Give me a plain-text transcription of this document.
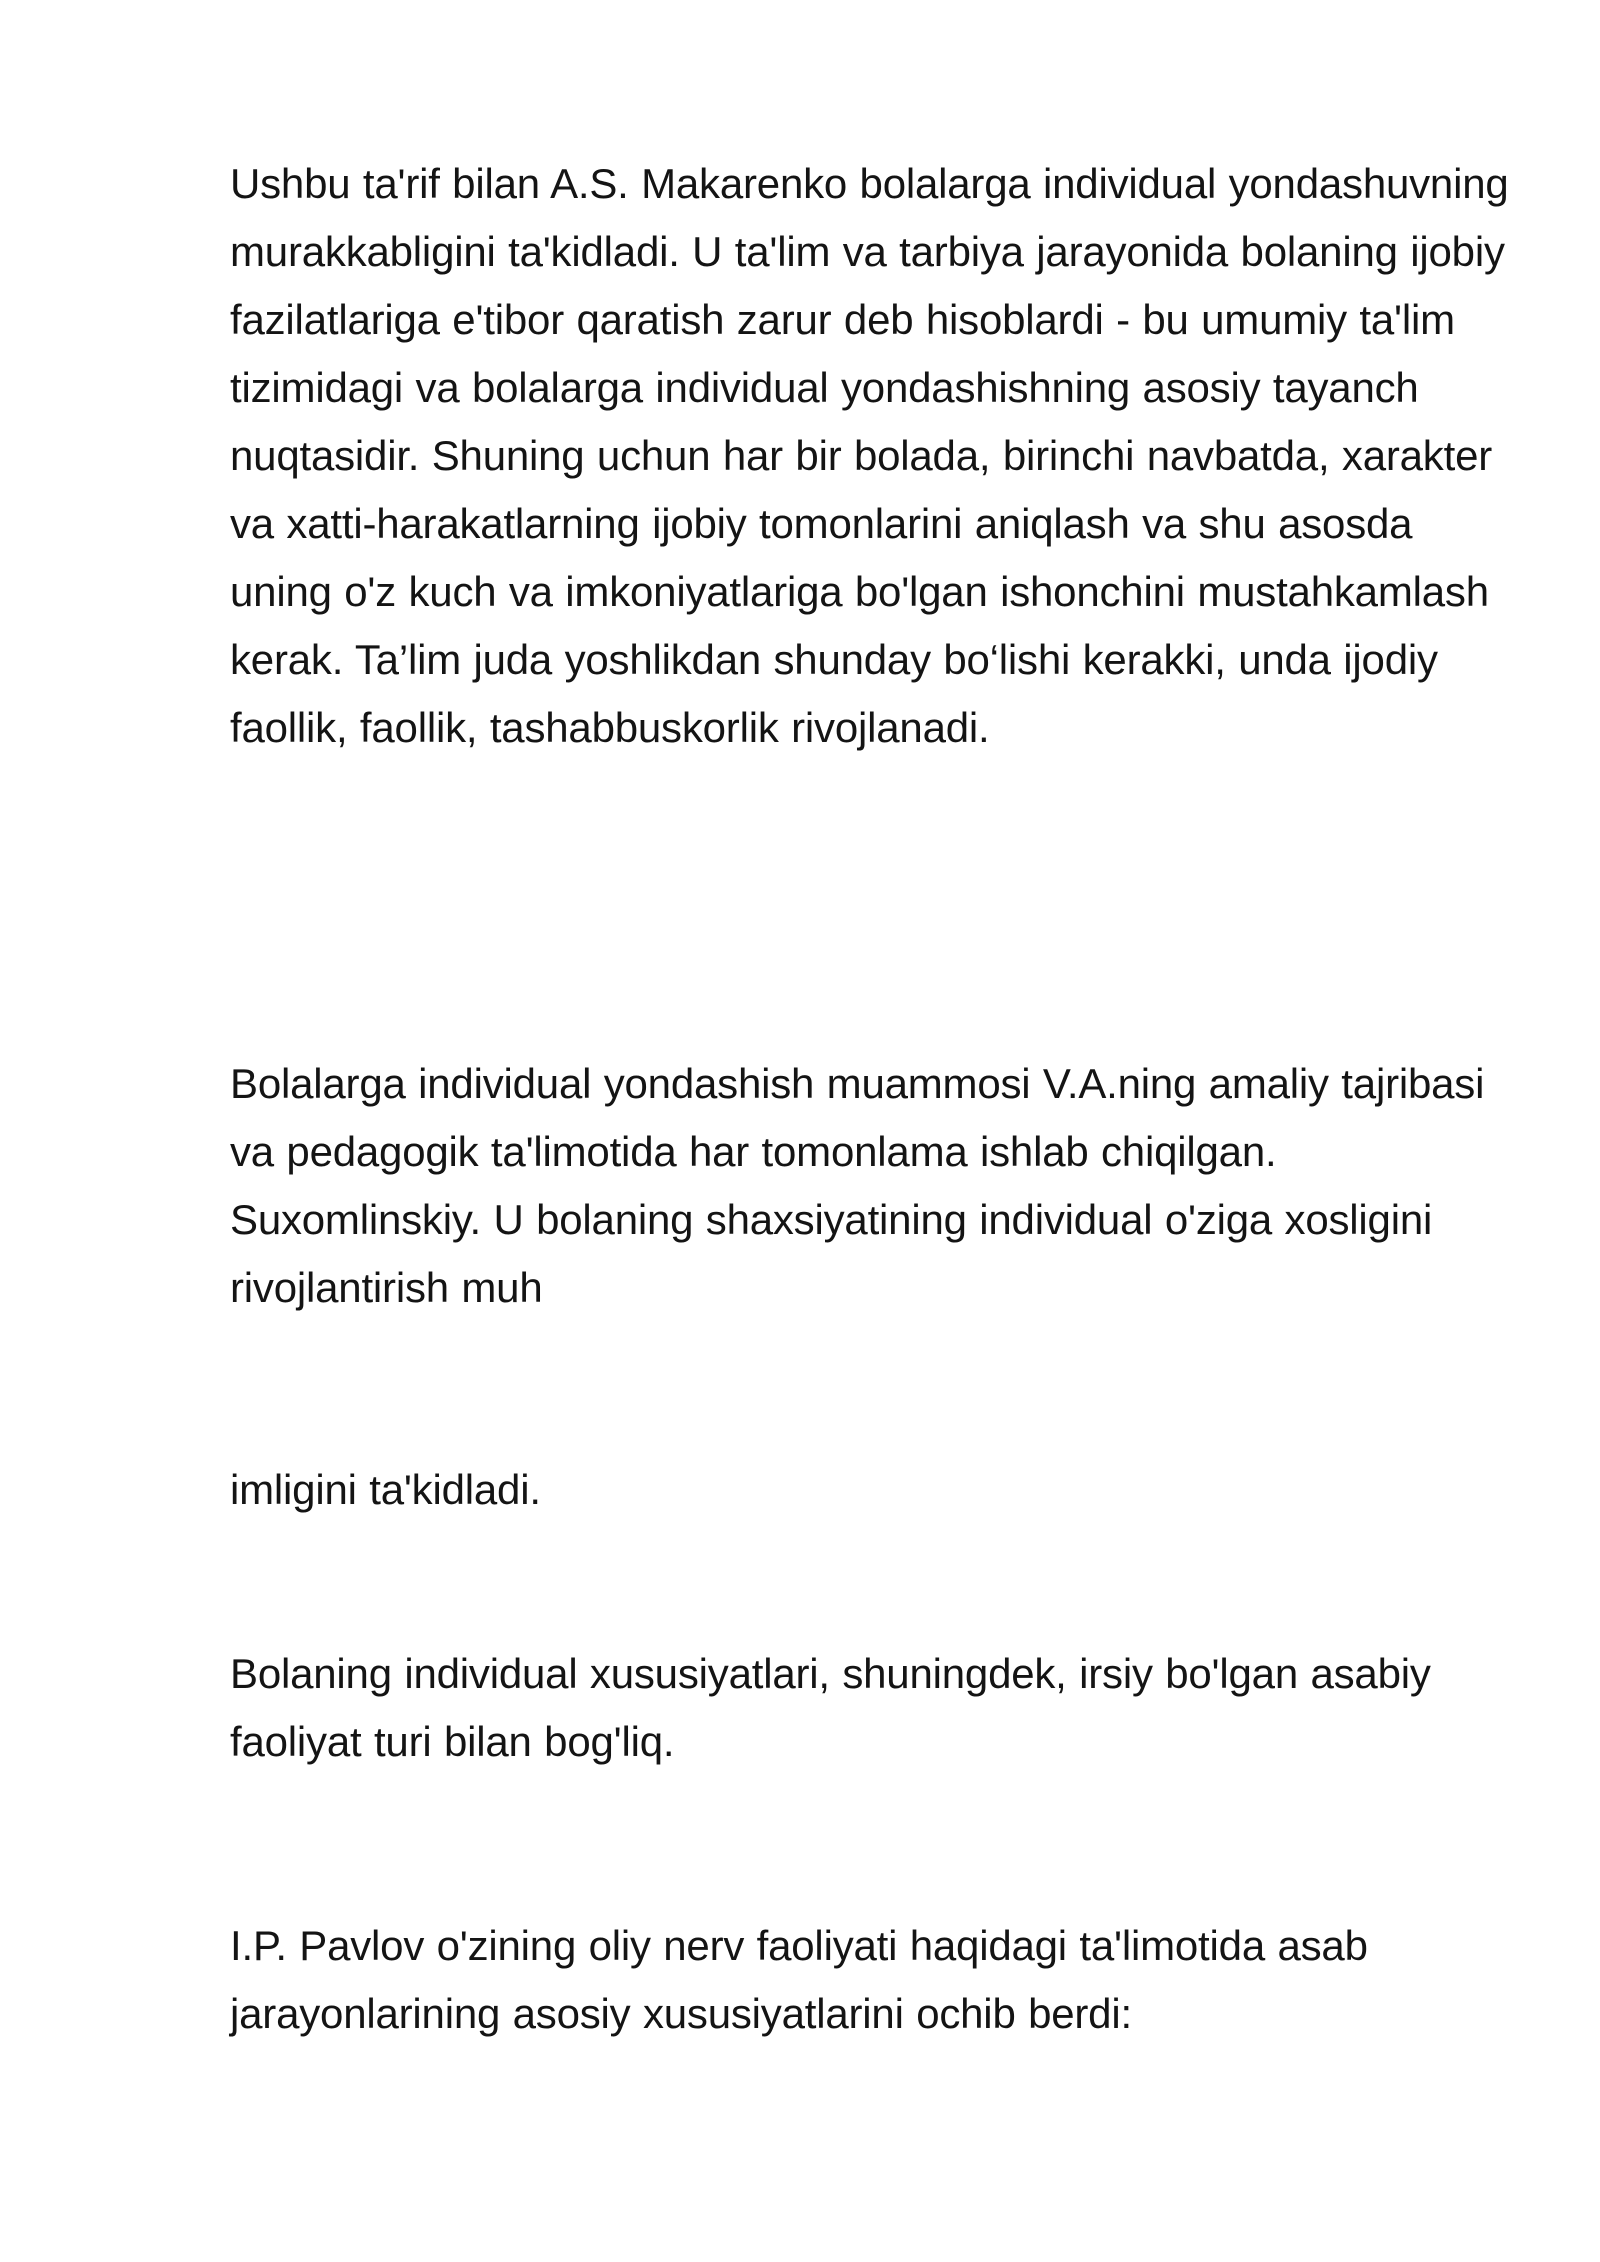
Ushbu ta'rif bilan A.S. Makarenko bolalarga individual yondashuvning murakkabligini ta'kidladi. U ta'lim va tarbiya jarayonida bolaning ijobiy fazilatlariga e'tibor qaratish zarur deb hisoblardi - bu umumiy ta'lim tizimidagi va bolalarga individual yondashishning asosiy tayanch nuqtasidir. Shuning uchun har bir bolada, birinchi navbatda, xarakter va xatti-harakatlarning ijobiy tomonlarini aniqlash va shu asosda uning o'z kuch va imkoniyatlariga bo'lgan ishonchini mustahkamlash kerak. Ta’lim juda yoshlikdan shunday bo‘lishi kerakki, unda ijodiy faollik, faollik, tashabbuskorlik rivojlanadi.

Bolalarga individual yondashish muammosi V.A.ning amaliy tajribasi va pedagogik ta'limotida har tomonlama ishlab chiqilgan. Suxomlinskiy. U bolaning shaxsiyatining individual o'ziga xosligini rivojlantirish muh

imligini ta'kidladi.

Bolaning individual xususiyatlari, shuningdek, irsiy bo'lgan asabiy faoliyat turi bilan bog'liq.

I.P. Pavlov o'zining oliy nerv faoliyati haqidagi ta'limotida asab jarayonlarining asosiy xususiyatlarini ochib berdi:
